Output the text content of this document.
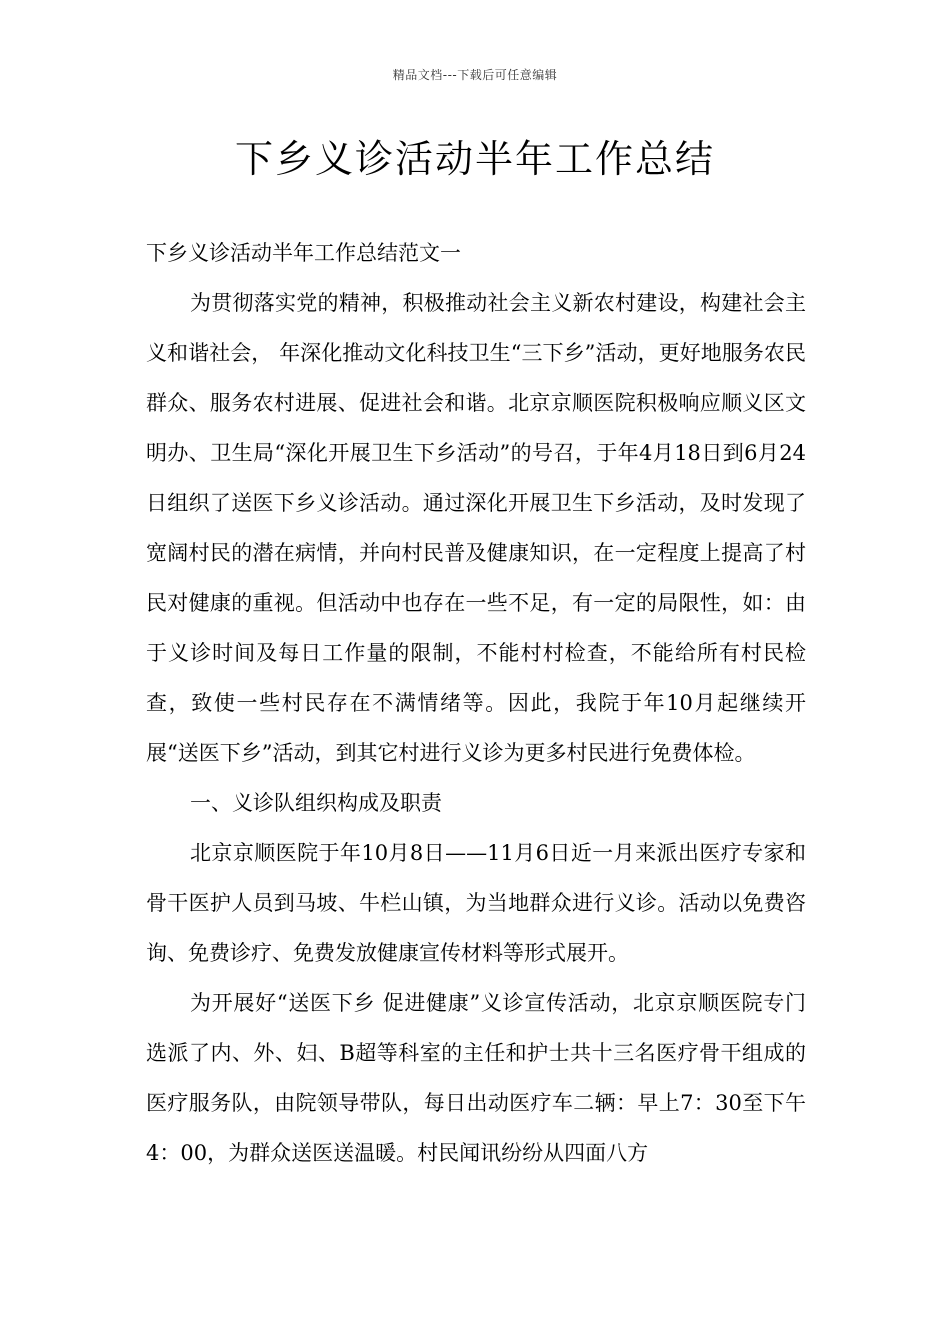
精品文档---下载后可任意编辑
下乡义诊活动半年工作总结

下乡义诊活动半年工作总结范文一

为贯彻落实党的精神，积极推动社会主义新农村建设，构建社会主义和谐社会， 年深化推动文化科技卫生“三下乡”活动，更好地服务农民群众、服务农村进展、促进社会和谐。北京京顺医院积极响应顺义区文明办、卫生局“深化开展卫生下乡活动”的号召，于年4月18日到6月24日组织了送医下乡义诊活动。通过深化开展卫生下乡活动，及时发现了宽阔村民的潜在病情，并向村民普及健康知识，在一定程度上提高了村民对健康的重视。但活动中也存在一些不足，有一定的局限性，如：由于义诊时间及每日工作量的限制，不能村村检查，不能给所有村民检查，致使一些村民存在不满情绪等。因此，我院于年10月起继续开展“送医下乡”活动，到其它村进行义诊为更多村民进行免费体检。

一、义诊队组织构成及职责

北京京顺医院于年10月8日——11月6日近一月来派出医疗专家和骨干医护人员到马坡、牛栏山镇，为当地群众进行义诊。活动以免费咨询、免费诊疗、免费发放健康宣传材料等形式展开。

为开展好“送医下乡 促进健康”义诊宣传活动，北京京顺医院专门选派了内、外、妇、B超等科室的主任和护士共十三名医疗骨干组成的医疗服务队，由院领导带队，每日出动医疗车二辆：早上7：30至下午4：00，为群众送医送温暖。村民闻讯纷纷从四面八方
